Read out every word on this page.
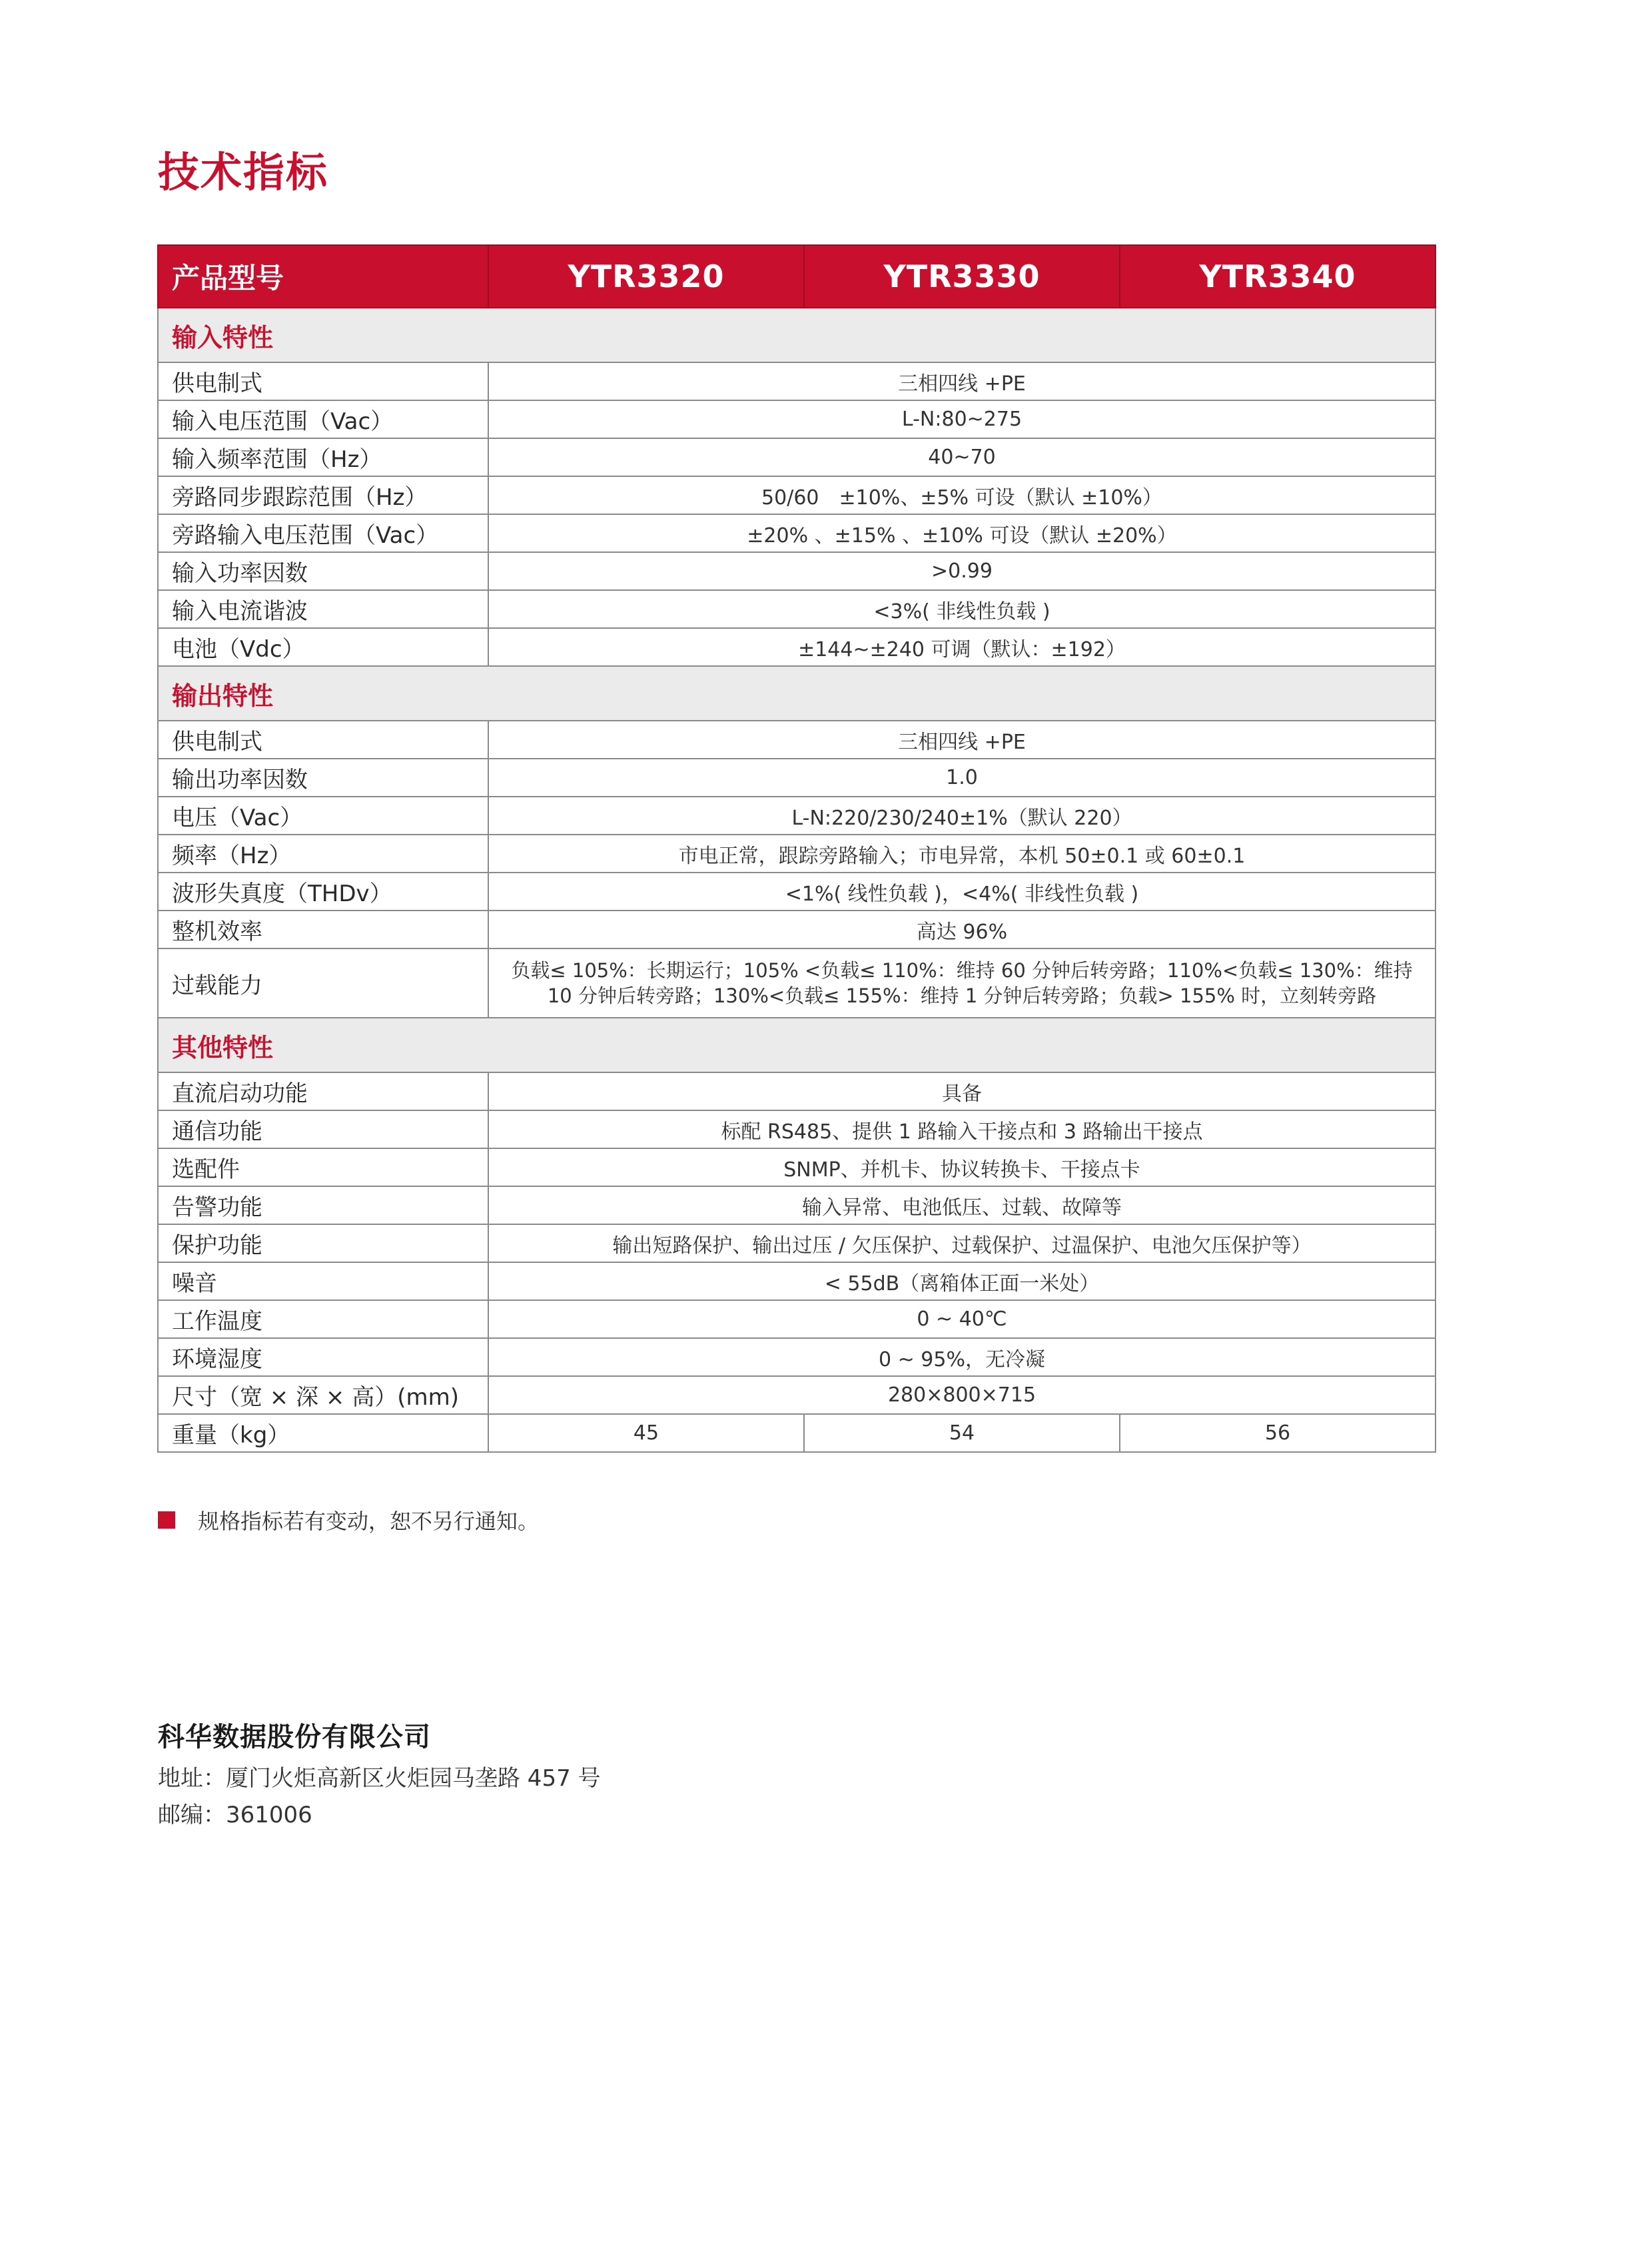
技术指标
产品型号	YTR3320	YTR3330	YTR3340
输入特性			
供电制式	三相四线 +PE		
输入电压范围（Vac）	L-N:80~275		
输入频率范围（Hz）	40~70		
旁路同步跟踪范围（Hz）	50/60　±10%、±5% 可设（默认 ±10%）		
旁路输入电压范围（Vac）	±20% 、±15% 、±10% 可设（默认 ±20%）		
输入功率因数	>0.99		
输入电流谐波	<3%( 非线性负载 )		
电池（Vdc）	±144~±240 可调（默认：±192）		
输出特性			
供电制式	三相四线 +PE		
输出功率因数	1.0		
电压（Vac）	L-N:220/230/240±1%（默认 220）		
频率（Hz）	市电正常，跟踪旁路输入；市电异常，本机 50±0.1 或 60±0.1		
波形失真度（THDv）	<1%( 线性负载 )，<4%( 非线性负载 )		
整机效率	高达 96%		
过载能力	负载≤ 105%：长期运行；105% <负载≤ 110%：维持 60 分钟后转旁路；110%<负载≤ 130%：维持
10 分钟后转旁路；130%<负载≤ 155%：维持 1 分钟后转旁路；负载> 155% 时，立刻转旁路		

其他特性			
直流启动功能	具备		
通信功能	标配 RS485、提供 1 路输入干接点和 3 路输出干接点		
选配件	SNMP、并机卡、协议转换卡、干接点卡		
告警功能	输入异常、电池低压、过载、故障等		
保护功能	输出短路保护、输出过压 / 欠压保护、过载保护、过温保护、电池欠压保护等）		
噪音	< 55dB（离箱体正面一米处）		
工作温度	0 ~ 40℃		
环境湿度	0 ~ 95%，无冷凝		
尺寸（宽 × 深 × 高）(mm)	280×800×715		
重量（kg）	45	54	56
规格指标若有变动，恕不另行通知。
科华数据股份有限公司
地址：厦门火炬高新区火炬园马垄路 457 号
邮编：361006
